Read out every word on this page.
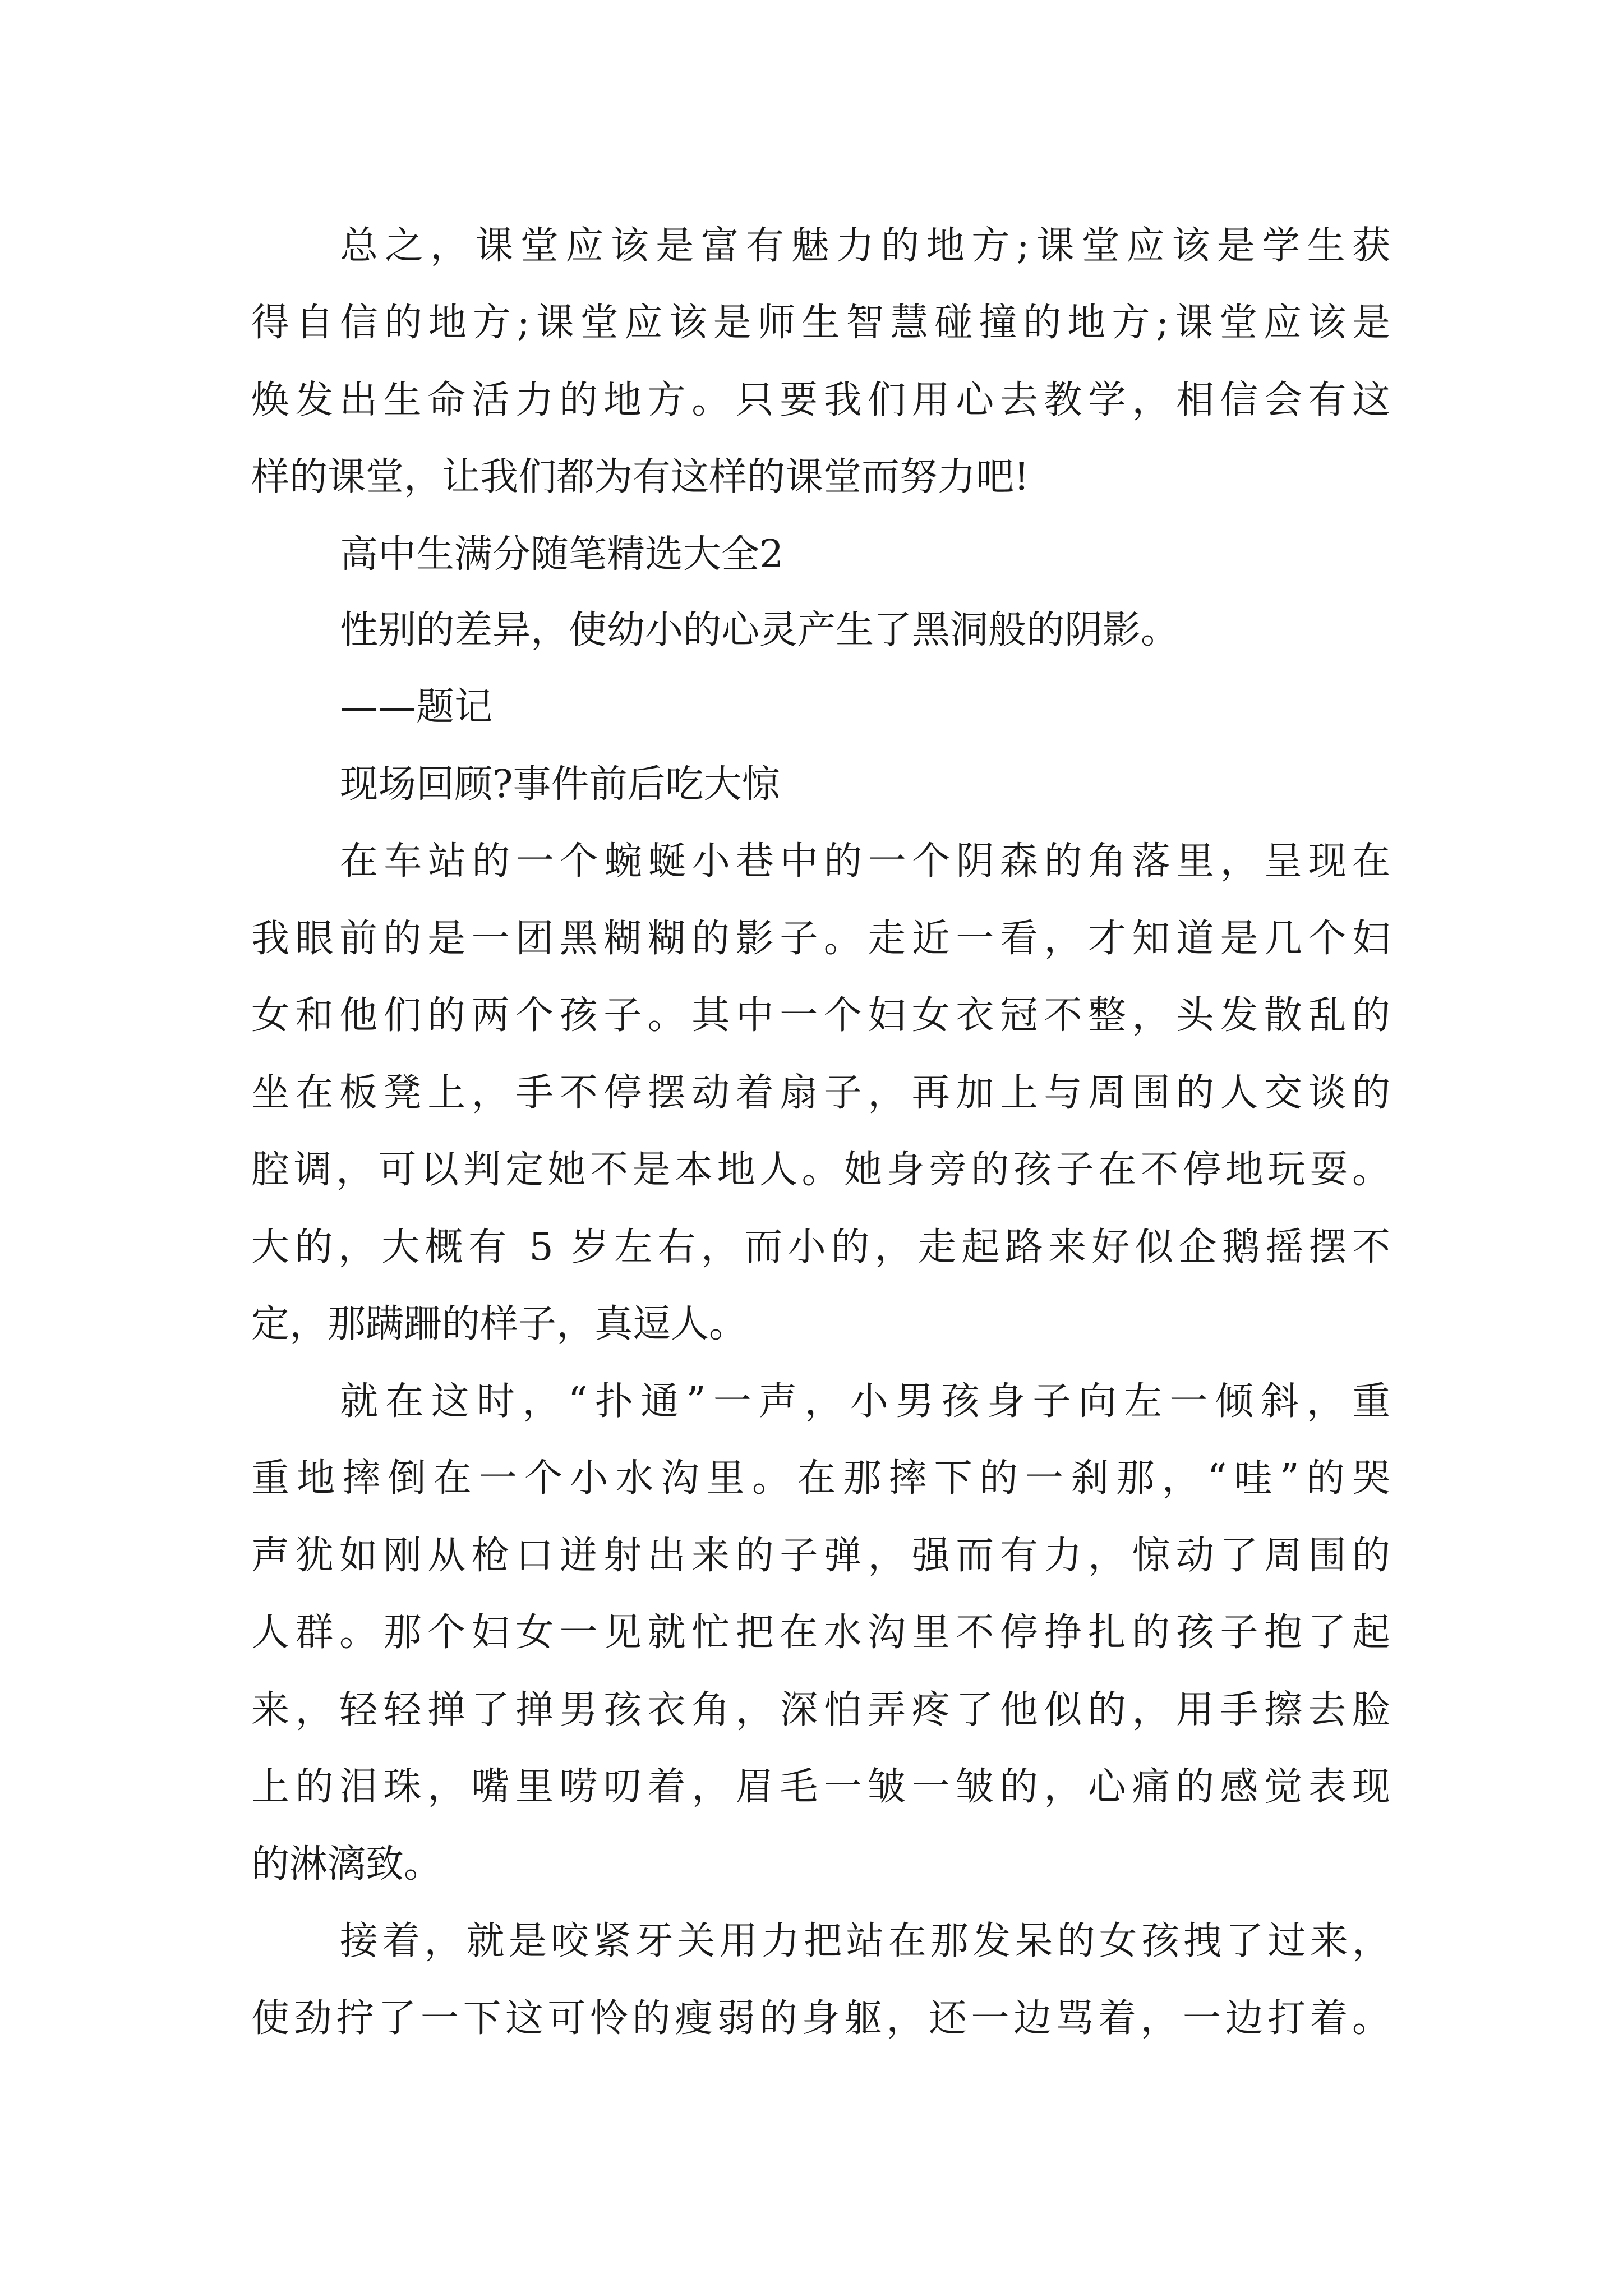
总之，课堂应该是富有魅力的地方;课堂应该是学生获

得自信的地方;课堂应该是师生智慧碰撞的地方;课堂应该是

焕发出生命活力的地方。只要我们用心去教学，相信会有这

样的课堂，让我们都为有这样的课堂而努力吧!

高中生满分随笔精选大全2

性别的差异，使幼小的心灵产生了黑洞般的阴影。

——题记

现场回顾?事件前后吃大惊

在车站的一个蜿蜒小巷中的一个阴森的角落里，呈现在

我眼前的是一团黑糊糊的影子。走近一看，才知道是几个妇

女和他们的两个孩子。其中一个妇女衣冠不整，头发散乱的

坐在板凳上，手不停摆动着扇子，再加上与周围的人交谈的

腔调，可以判定她不是本地人。她身旁的孩子在不停地玩耍。

大的，大概有 5 岁左右，而小的，走起路来好似企鹅摇摆不

定，那蹒跚的样子，真逗人。

就在这时，“扑通”一声，小男孩身子向左一倾斜，重

重地摔倒在一个小水沟里。在那摔下的一刹那，“哇”的哭

声犹如刚从枪口迸射出来的子弹，强而有力，惊动了周围的

人群。那个妇女一见就忙把在水沟里不停挣扎的孩子抱了起

来，轻轻掸了掸男孩衣角，深怕弄疼了他似的，用手擦去脸

上的泪珠，嘴里唠叨着，眉毛一皱一皱的，心痛的感觉表现

的淋漓致。

接着，就是咬紧牙关用力把站在那发呆的女孩拽了过来，

使劲拧了一下这可怜的瘦弱的身躯，还一边骂着，一边打着。
